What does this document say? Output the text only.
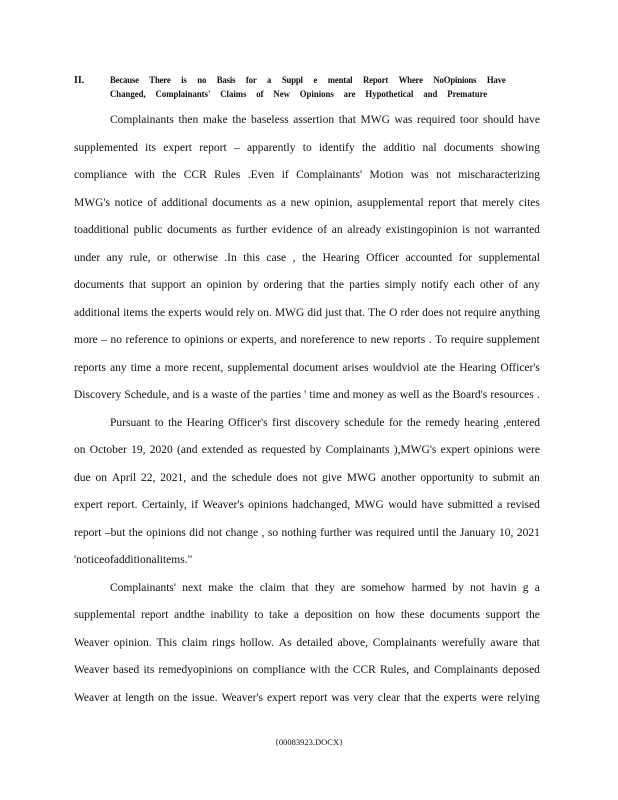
II.	Because There is no Basis for a Suppl e mental Report Where NoOpinions Have
Changed, Complainants' Claims of New Opinions are Hypothetical and Premature
Complainants then make the baseless assertion that MWG was required toor should have
supplemented its expert report – apparently to identify the additio nal documents showing
compliance with the CCR Rules .Even if Complainants' Motion was not mischaracterizing
MWG's notice of additional documents as a new opinion, asupplemental report that merely cites
toadditional public documents as further evidence of an already existingopinion is not warranted
under any rule, or otherwise .In this case , the Hearing Officer accounted for supplemental
documents that support an opinion by ordering that the parties simply notify each other of any
additional items the experts would rely on. MWG did just that. The O rder does not require anything
more – no reference to opinions or experts, and noreference to new reports . To require supplement
reports any time a more recent, supplemental document arises wouldviol ate the Hearing Officer's
Discovery Schedule, and is a waste of the parties ' time and money as well as the Board's resources .
Pursuant to the Hearing Officer's first discovery schedule for the remedy hearing ,entered
on October 19, 2020 (and extended as requested by Complainants ),MWG's expert opinions were
due on April 22, 2021, and the schedule does not give MWG another opportunity to submit an
expert report. Certainly, if Weaver's opinions hadchanged, MWG would have submitted a revised
report –but the opinions did not change , so nothing further was required until the January 10, 2021
'n otice of additional items ."
Complainants' next make the claim that they are somehow harmed by not havin g a
supplemental report andthe inability to take a deposition on how these documents support the
Weaver opinion. This claim rings hollow. As detailed above, Complainants werefully aware that
Weaver based its remedyopinions on compliance with the CCR Rules, and Complainants deposed
Weaver at length on the issue. Weaver's expert report was very clear that the experts were relying
{00083923.DOCX}
